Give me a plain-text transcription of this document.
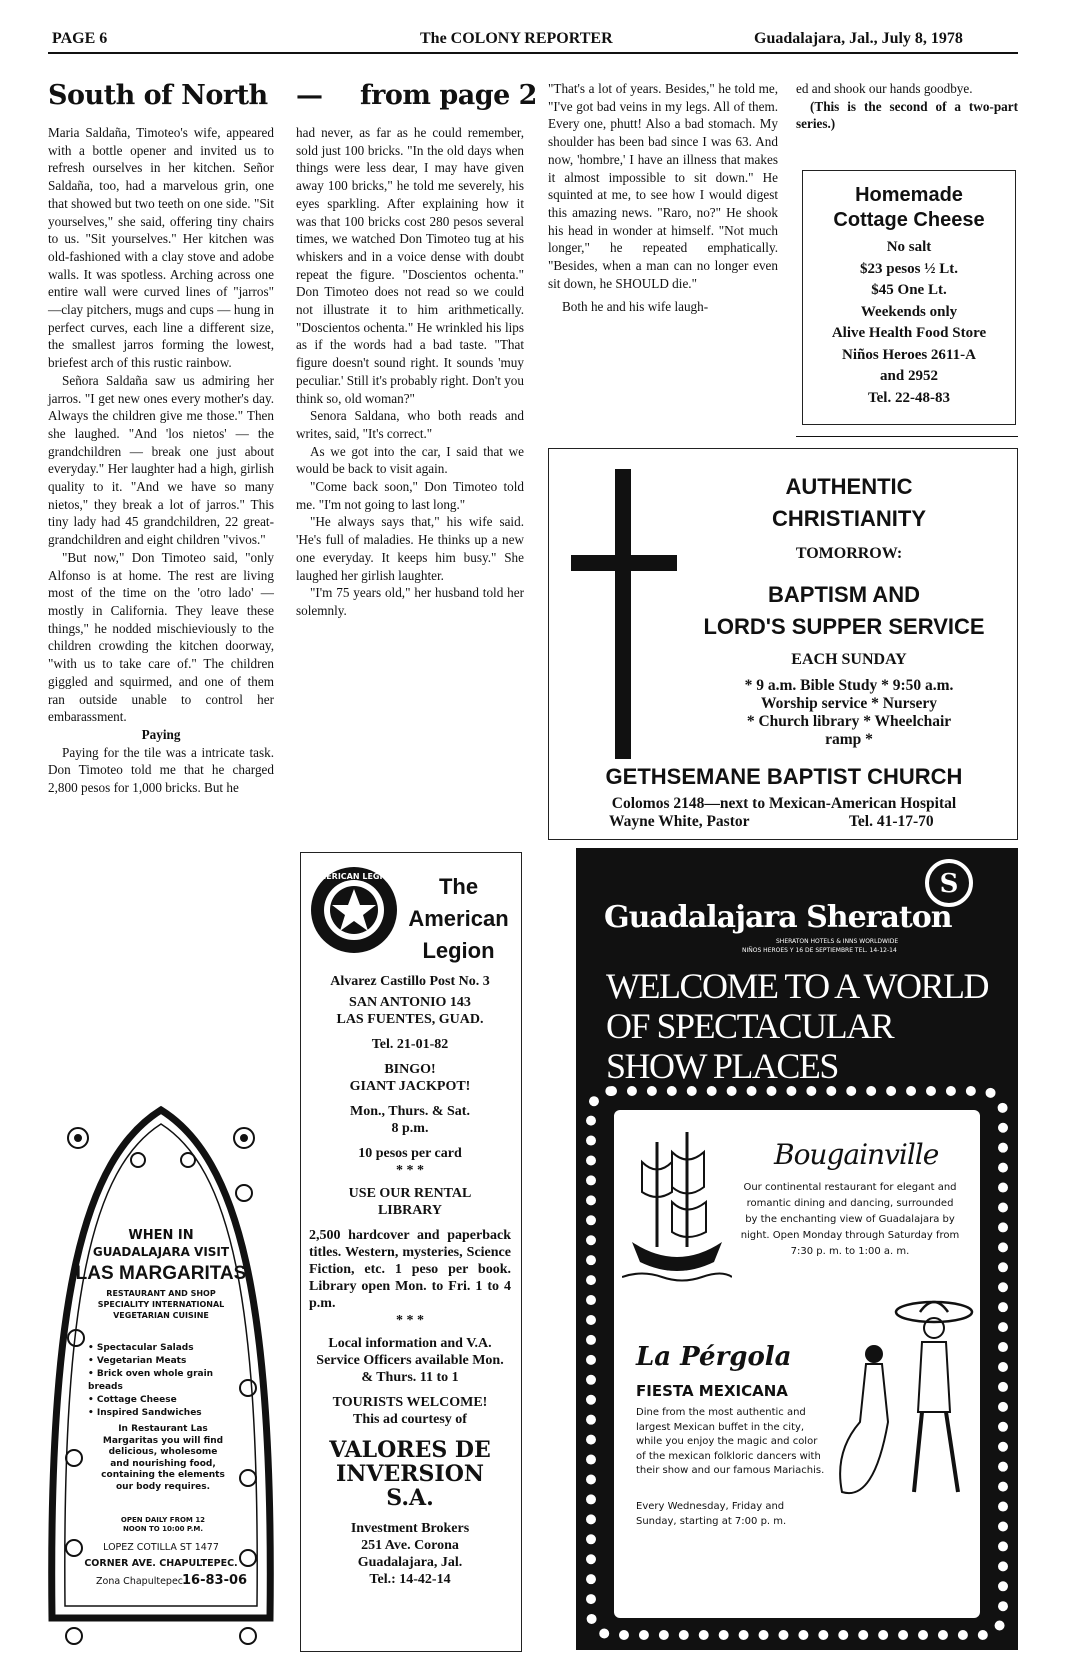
PAGE 6	The COLONY REPORTER	Guadalajara, Jal., July 8, 1978
South of North — from page 2

Maria Saldaña, Timoteo's wife, appeared with a bottle opener and invited us to refresh ourselves in her kitchen. Señor Saldaña, too, had a marvelous grin, one that showed but two teeth on one side. "Sit yourselves," she said, offering tiny chairs to us. "Sit yourselves." Her kitchen was old-fashioned with a clay stove and adobe walls. It was spotless. Arching across one entire wall were curved lines of "jarros" —clay pitchers, mugs and cups — hung in perfect curves, each line a different size, the smallest jarros forming the lowest, briefest arch of this rustic rainbow.

Señora Saldaña saw us admiring her jarros. "I get new ones every mother's day. Always the children give me those." Then she laughed. "And 'los nietos' — the grandchildren — break one just about everyday." Her laughter had a high, girlish quality to it. "And we have so many nietos," they break a lot of jarros." This tiny lady had 45 grandchildren, 22 great-grandchildren and eight children "vivos."

"But now," Don Timoteo said, "only Alfonso is at home. The rest are living most of the time on the 'otro lado' — mostly in California. They leave these things," he nodded mischieviously to the children crowding the kitchen doorway, "with us to take care of." The children giggled and squirmed, and one of them ran outside unable to control her embarassment.

Paying

Paying for the tile was a intricate task. Don Timoteo told me that he charged 2,800 pesos for 1,000 bricks. But he

had never, as far as he could remember, sold just 100 bricks. "In the old days when things were less dear, I may have given away 100 bricks," he told me severely, his eyes sparkling. After explaining how it was that 100 bricks cost 280 pesos several times, we watched Don Timoteo tug at his whiskers and in a voice dense with doubt repeat the figure. "Doscientos ochenta." Don Timoteo does not read so we could not illustrate it to him arithmetically. "Doscientos ochenta." He wrinkled his lips as if the words had a bad taste. "That figure doesn't sound right. It sounds 'muy peculiar.' Still it's probably right. Don't you think so, old woman?"

Senora Saldana, who both reads and writes, said, "It's correct."

As we got into the car, I said that we would be back to visit again.

"Come back soon," Don Timoteo told me. "I'm not going to last long."

"He always says that," his wife said. 'He's full of maladies. He thinks up a new one everyday. It keeps him busy." She laughed her girlish laughter.

"I'm 75 years old," her husband told her solemnly.

"That's a lot of years. Besides," he told me, "I've got bad veins in my legs. All of them. Every one, phutt! Also a bad stomach. My shoulder has been bad since I was 63. And now, 'hombre,' I have an illness that makes it almost impossible to sit down." He squinted at me, to see how I would digest this amazing news. "Raro, no?" He shook his head in wonder at himself. "Not much longer," he repeated emphatically. "Besides, when a man can no longer even sit down, he SHOULD die."

Both he and his wife laugh-

ed and shook our hands goodbye.

(This is the second of a two-part series.)

Homemade
Cottage Cheese
No salt
$23 pesos ½ Lt.
$45 One Lt.
Weekends only
Alive Health Food Store
Niños Heroes 2611-A
and 2952
Tel. 22-48-83
AUTHENTIC
CHRISTIANITY
TOMORROW:
BAPTISM AND
LORD'S SUPPER SERVICE
EACH SUNDAY
* 9 a.m. Bible Study * 9:50 a.m.
Worship service * Nursery
* Church library * Wheelchair
ramp *
GETHSEMANE BAPTIST CHURCH
Colomos 2148—next to Mexican-American Hospital
Wayne White, Pastor	Tel. 41-17-70
AMERICAN LEGION	The
American
Legion
Alvarez Castillo Post No. 3
SAN ANTONIO 143
LAS FUENTES, GUAD.
Tel. 21-01-82
BINGO!
GIANT JACKPOT!
Mon., Thurs. & Sat.
8 p.m.
10 pesos per card
* * *
USE OUR RENTAL
LIBRARY
2,500 hardcover and paperback titles. Western, mysteries, Science Fiction, etc. 1 peso per book. Library open Mon. to Fri. 1 to 4 p.m.
* * *
Local information and V.A. Service Officers available Mon. & Thurs. 11 to 1
TOURISTS WELCOME!
This ad courtesy of
VALORES DE
INVERSION S.A.
Investment Brokers
251 Ave. Corona
Guadalajara, Jal.
Tel.: 14-42-14
WHEN IN
GUADALAJARA VISIT
LAS MARGARITAS
RESTAURANT AND SHOP
SPECIALITY INTERNATIONAL
VEGETARIAN CUISINE
• Spectacular Salads
• Vegetarian Meats
• Brick oven whole grain breads
• Cottage Cheese
• Inspired Sandwiches
In Restaurant Las Margaritas you will find delicious, wholesome and nourishing food, containing the elements our body requires.
OPEN DAILY FROM 12 NOON TO 10:00 P.M.
LOPEZ COTILLA ST 1477
CORNER AVE. CHAPULTEPEC.
Zona Chapultepec
16-83-06
S
Guadalajara Sheraton
SHERATON HOTELS & INNS WORLDWIDE
NIÑOS HEROES Y 16 DE SEPTIEMBRE TEL. 14-12-14
WELCOME TO A WORLD
OF SPECTACULAR
SHOW PLACES
Bougainville
Our continental restaurant for elegant and romantic dining and dancing, surrounded by the enchanting view of Guadalajara by night. Open Monday through Saturday from 7:30 p. m. to 1:00 a. m.
La Pérgola
FIESTA MEXICANA
Dine from the most authentic and largest Mexican buffet in the city, while you enjoy the magic and color of the mexican folkloric dancers with their show and our famous Mariachis.
Every Wednesday, Friday and Sunday, starting at 7:00 p. m.
